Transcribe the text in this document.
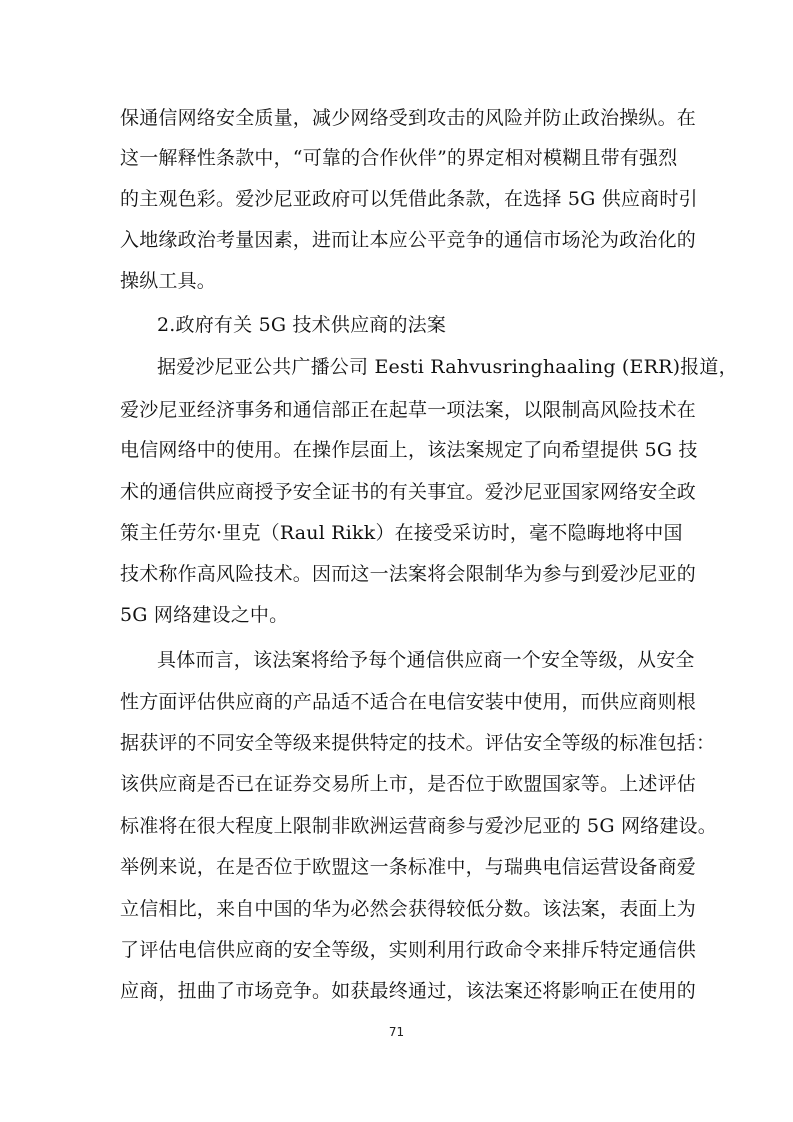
保通信网络安全质量，减少网络受到攻击的风险并防止政治操纵。在
这一解释性条款中，“可靠的合作伙伴”的界定相对模糊且带有强烈
的主观色彩。爱沙尼亚政府可以凭借此条款，在选择 5G 供应商时引
入地缘政治考量因素，进而让本应公平竞争的通信市场沦为政治化的
操纵工具。
2.政府有关 5G 技术供应商的法案
据爱沙尼亚公共广播公司 Eesti Rahvusringhaaling (ERR)报道，
爱沙尼亚经济事务和通信部正在起草一项法案，以限制高风险技术在
电信网络中的使用。在操作层面上，该法案规定了向希望提供 5G 技
术的通信供应商授予安全证书的有关事宜。爱沙尼亚国家网络安全政
策主任劳尔·里克（Raul Rikk）在接受采访时，毫不隐晦地将中国
技术称作高风险技术。因而这一法案将会限制华为参与到爱沙尼亚的
5G 网络建设之中。
具体而言，该法案将给予每个通信供应商一个安全等级，从安全
性方面评估供应商的产品适不适合在电信安装中使用，而供应商则根
据获评的不同安全等级来提供特定的技术。评估安全等级的标准包括：
该供应商是否已在证券交易所上市，是否位于欧盟国家等。上述评估
标准将在很大程度上限制非欧洲运营商参与爱沙尼亚的 5G 网络建设。
举例来说，在是否位于欧盟这一条标准中，与瑞典电信运营设备商爱
立信相比，来自中国的华为必然会获得较低分数。该法案，表面上为
了评估电信供应商的安全等级，实则利用行政命令来排斥特定通信供
应商，扭曲了市场竞争。如获最终通过，该法案还将影响正在使用的
71
